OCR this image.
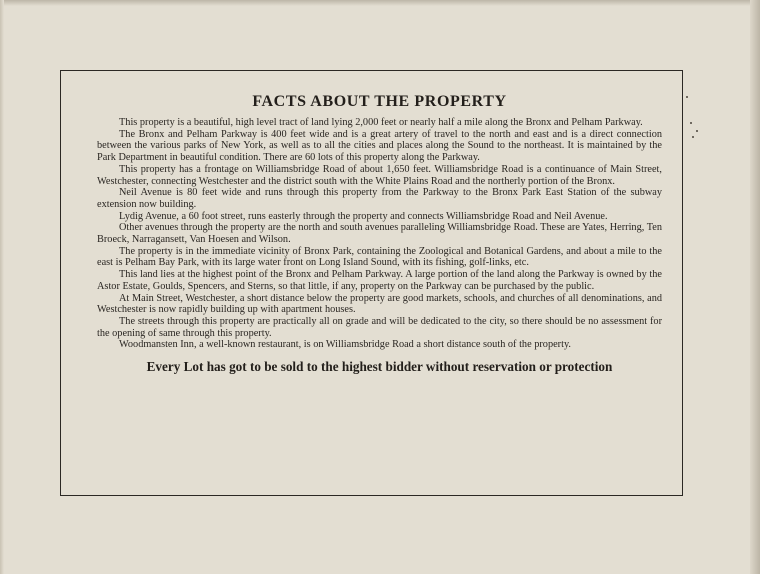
FACTS ABOUT THE PROPERTY

This property is a beautiful, high level tract of land lying 2,000 feet or nearly half a mile along the Bronx and Pelham Parkway.

The Bronx and Pelham Parkway is 400 feet wide and is a great artery of travel to the north and east and is a direct connection between the various parks of New York, as well as to all the cities and places along the Sound to the northeast. It is maintained by the Park Department in beautiful condition. There are 60 lots of this property along the Parkway.

This property has a frontage on Williamsbridge Road of about 1,650 feet. Williamsbridge Road is a continuance of Main Street, Westchester, connecting Westchester and the district south with the White Plains Road and the northerly portion of the Bronx.

Neil Avenue is 80 feet wide and runs through this property from the Parkway to the Bronx Park East Station of the subway extension now building.

Lydig Avenue, a 60 foot street, runs easterly through the property and connects Williamsbridge Road and Neil Avenue.

Other avenues through the property are the north and south avenues paralleling Williamsbridge Road. These are Yates, Herring, Ten Broeck, Narragansett, Van Hoesen and Wilson.

The property is in the immediate vicinity of Bronx Park, containing the Zoological and Botanical Gardens, and about a mile to the east is Pelham Bay Park, with its large water front on Long Island Sound, with its fishing, golf-links, etc.

This land lies at the highest point of the Bronx and Pelham Parkway. A large portion of the land along the Parkway is owned by the Astor Estate, Goulds, Spencers, and Sterns, so that little, if any, property on the Parkway can be purchased by the public.

At Main Street, Westchester, a short distance below the property are good markets, schools, and churches of all denominations, and Westchester is now rapidly building up with apartment houses.

The streets through this property are practically all on grade and will be dedicated to the city, so there should be no assessment for the opening of same through this property.

Woodmansten Inn, a well-known restaurant, is on Williamsbridge Road a short distance south of the property.

Every Lot has got to be sold to the highest bidder without reservation or protection
